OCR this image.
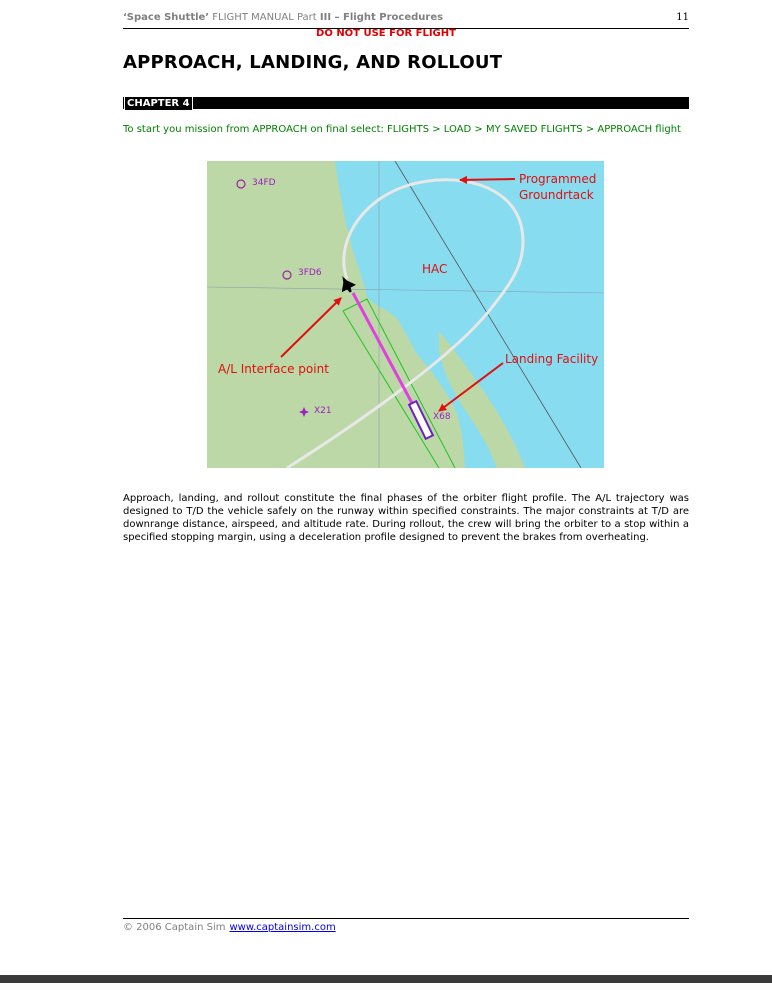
‘Space Shuttle’ FLIGHT MANUAL Part III – Flight Procedures	11
DO NOT USE FOR FLIGHT
APPROACH, LANDING, AND ROLLOUT
CHAPTER 4

To start you mission from APPROACH on final select: FLIGHTS > LOAD > MY SAVED FLIGHTS > APPROACH flight

34FD
3FD6
X21
X68
Programmed
Groundrtack
HAC
A/L Interface point
Landing Facility

Approach, landing, and rollout constitute the final phases of the orbiter flight profile. The A/L trajectory was designed to T/D the vehicle safely on the runway within specified constraints. The major constraints at T/D are downrange distance, airspeed, and altitude rate. During rollout, the crew will bring the orbiter to a stop within a specified stopping margin, using a deceleration profile designed to prevent the brakes from overheating.

© 2006 Captain Sim www.captainsim.com
